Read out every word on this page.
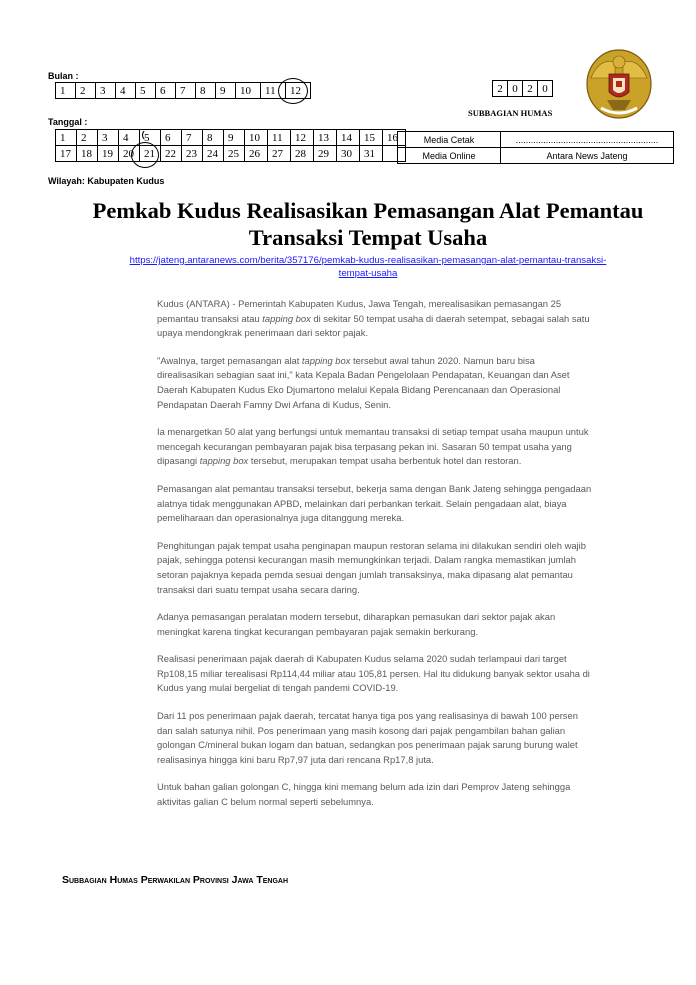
Bulan :
1	2	3	4	5	6	7	8	9	10	11	12	2	0	2	0
SUBBAGIAN HUMAS
Tanggal :
1	2	3	4	5	6	7	8	9	10	11	12	13	14	15	16
17	18	19	20	21	22	23	24	25	26	27	28	29	30	31	
Media Cetak	.........................................................
Media Online	Antara News Jateng
Wilayah: Kabupaten Kudus
Pemkab Kudus Realisasikan Pemasangan Alat Pemantau
Transaksi Tempat Usaha
https://jateng.antaranews.com/berita/357176/pemkab-kudus-realisasikan-pemasangan-alat-pemantau-transaksi-
tempat-usaha

Kudus (ANTARA) - Pemerintah Kabupaten Kudus, Jawa Tengah, merealisasikan pemasangan 25 pemantau transaksi atau tapping box di sekitar 50 tempat usaha di daerah setempat, sebagai salah satu upaya mendongkrak penerimaan dari sektor pajak.

"Awalnya, target pemasangan alat tapping box tersebut awal tahun 2020. Namun baru bisa direalisasikan sebagian saat ini," kata Kepala Badan Pengelolaan Pendapatan, Keuangan dan Aset Daerah Kabupaten Kudus Eko Djumartono melalui Kepala Bidang Perencanaan dan Operasional Pendapatan Daerah Famny Dwi Arfana di Kudus, Senin.

Ia menargetkan 50 alat yang berfungsi untuk memantau transaksi di setiap tempat usaha maupun untuk mencegah kecurangan pembayaran pajak bisa terpasang pekan ini. Sasaran 50 tempat usaha yang dipasangi tapping box tersebut, merupakan tempat usaha berbentuk hotel dan restoran.

Pemasangan alat pemantau transaksi tersebut, bekerja sama dengan Bank Jateng sehingga pengadaan alatnya tidak menggunakan APBD, melainkan dari perbankan terkait. Selain pengadaan alat, biaya pemeliharaan dan operasionalnya juga ditanggung mereka.

Penghitungan pajak tempat usaha penginapan maupun restoran selama ini dilakukan sendiri oleh wajib pajak, sehingga potensi kecurangan masih memungkinkan terjadi. Dalam rangka memastikan jumlah setoran pajaknya kepada pemda sesuai dengan jumlah transaksinya, maka dipasang alat pemantau transaksi dari suatu tempat usaha secara daring.

Adanya pemasangan peralatan modern tersebut, diharapkan pemasukan dari sektor pajak akan meningkat karena tingkat kecurangan pembayaran pajak semakin berkurang.

Realisasi penerimaan pajak daerah di Kabupaten Kudus selama 2020 sudah terlampaui dari target Rp108,15 miliar terealisasi Rp114,44 miliar atau 105,81 persen. Hal itu didukung banyak sektor usaha di Kudus yang mulai bergeliat di tengah pandemi COVID-19.

Dari 11 pos penerimaan pajak daerah, tercatat hanya tiga pos yang realisasinya di bawah 100 persen dan salah satunya nihil. Pos penerimaan yang masih kosong dari pajak pengambilan bahan galian golongan C/mineral bukan logam dan batuan, sedangkan pos penerimaan pajak sarung burung walet realisasinya hingga kini baru Rp7,97 juta dari rencana Rp17,8 juta.

Untuk bahan galian golongan C, hingga kini memang belum ada izin dari Pemprov Jateng sehingga aktivitas galian C belum normal seperti sebelumnya.

Subbagian Humas Perwakilan Provinsi Jawa Tengah
